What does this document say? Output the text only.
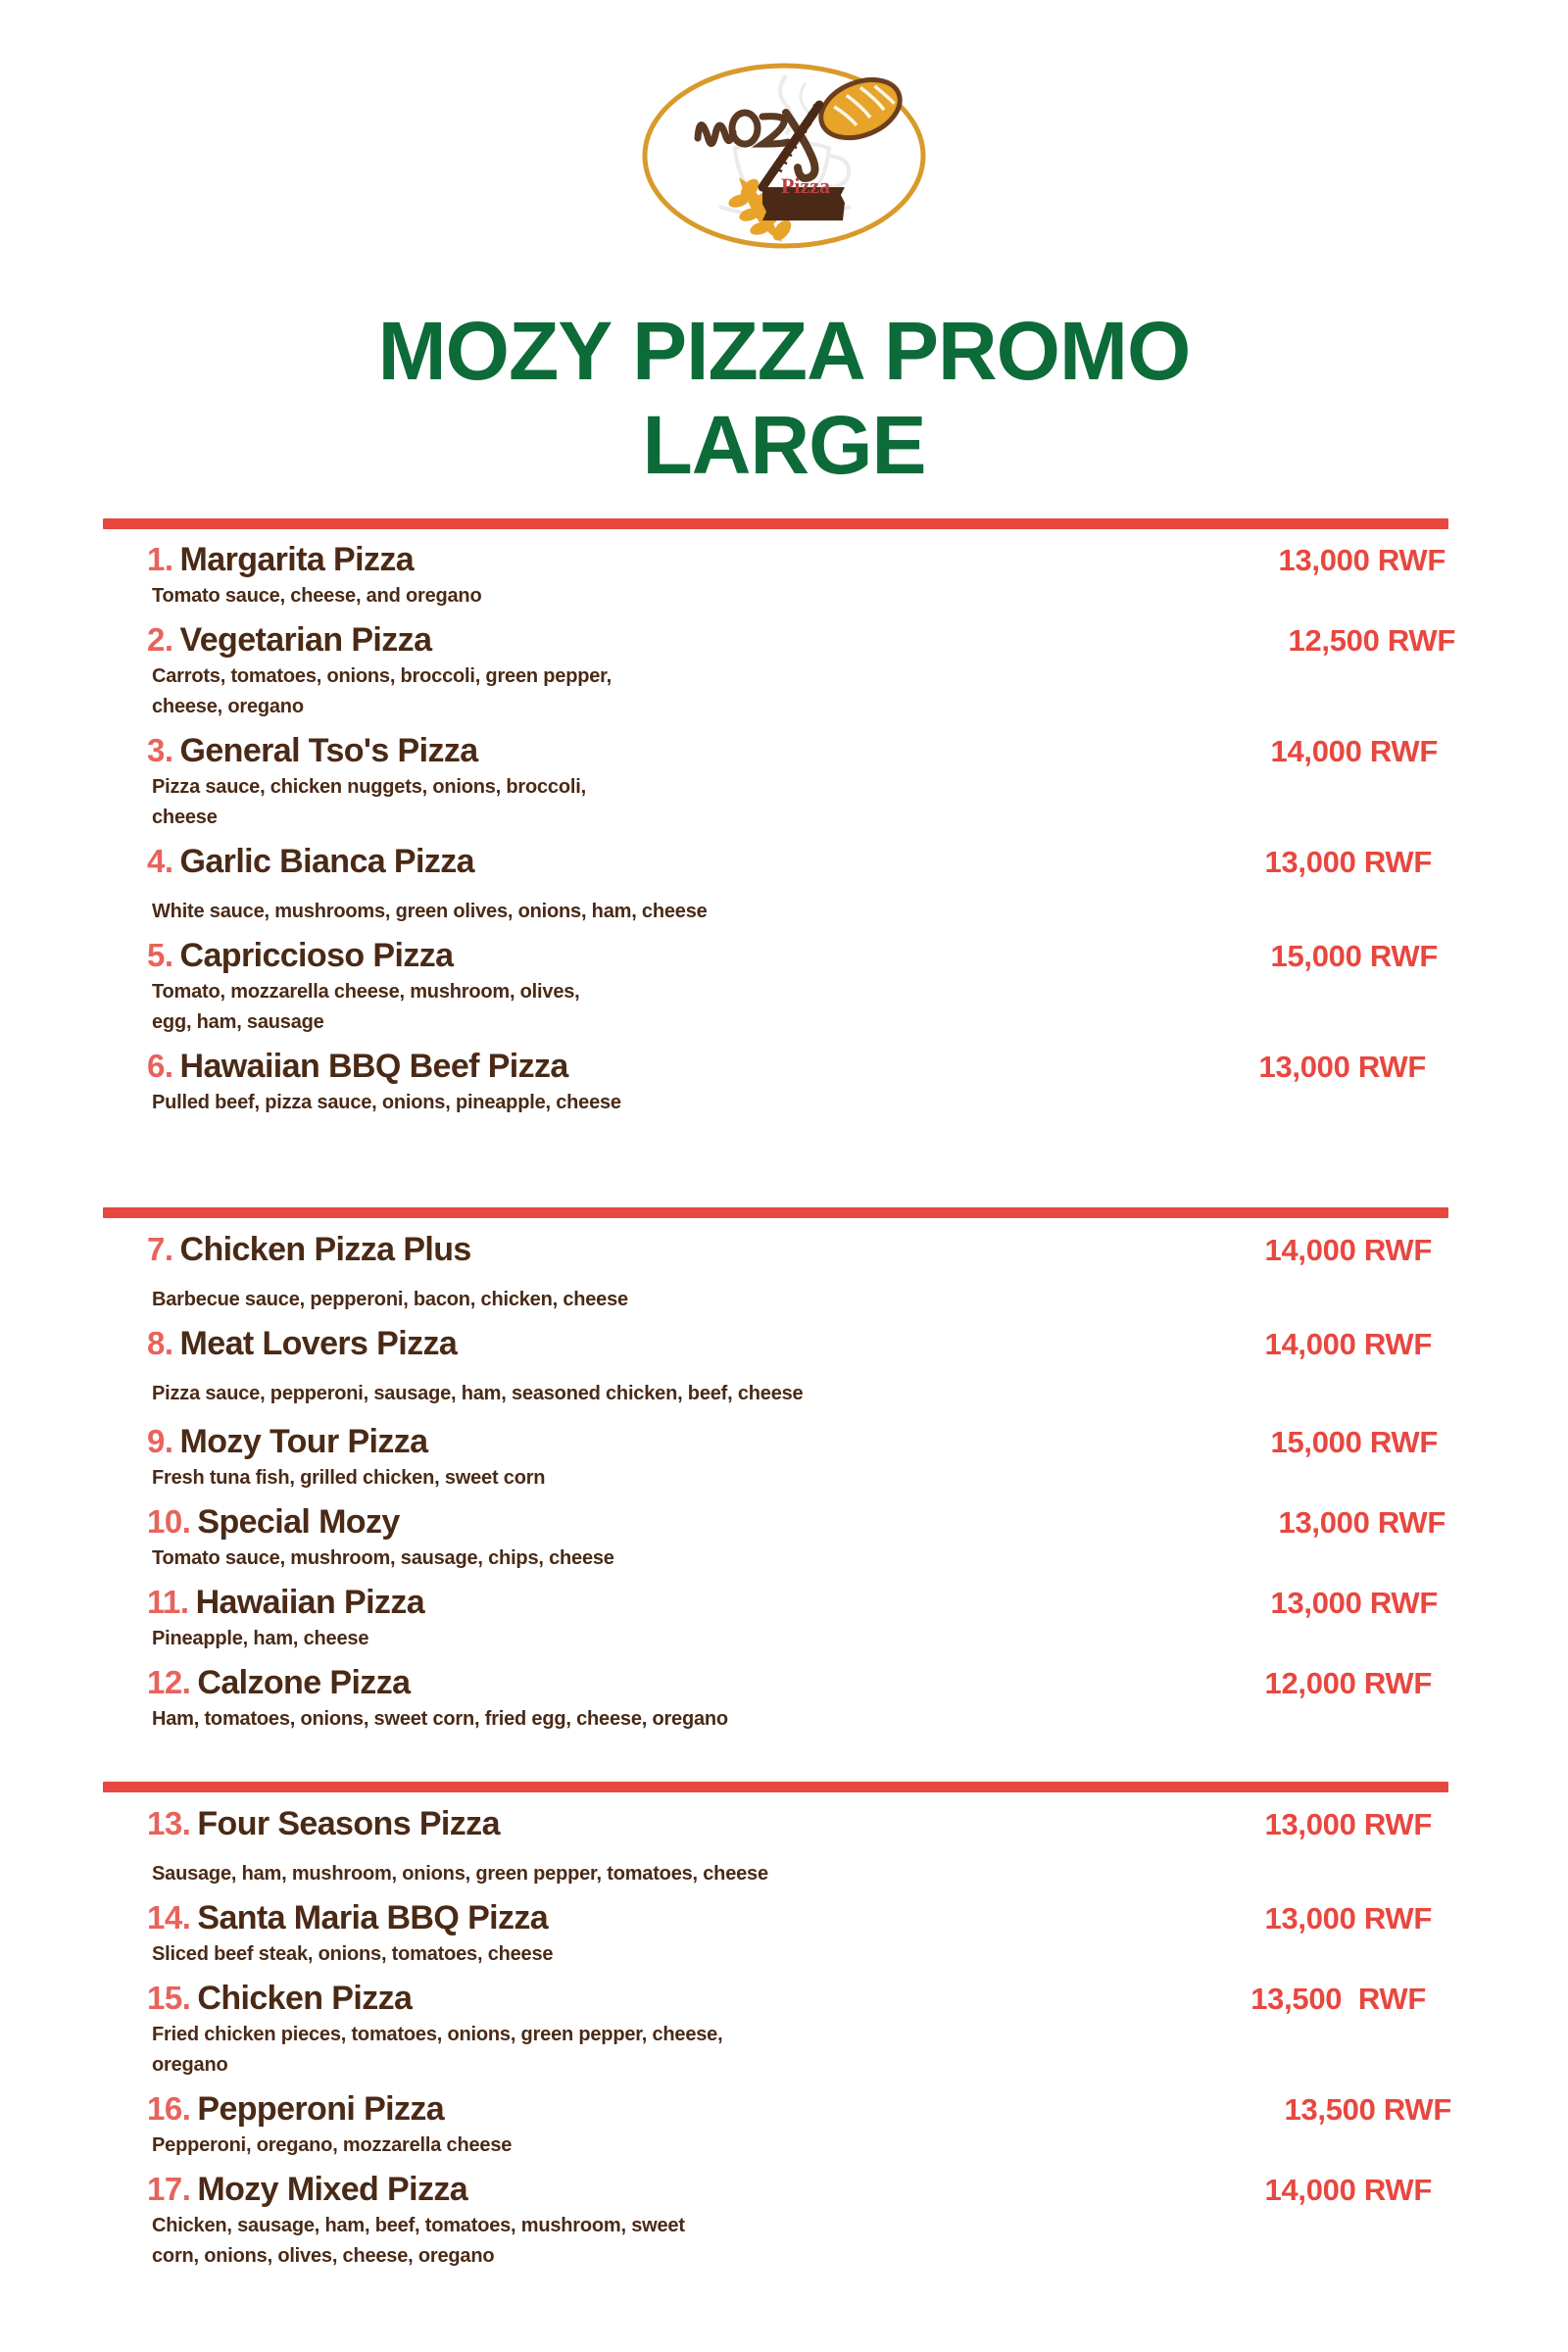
Pizza
MOZY PIZZA PROMO
LARGE
1. Margarita Pizza	13,000 RWF
Tomato sauce, cheese, and oregano
2. Vegetarian Pizza	12,500 RWF
Carrots, tomatoes, onions, broccoli, green pepper, cheese, oregano
3. General Tso's Pizza	14,000 RWF
Pizza sauce, chicken nuggets, onions, broccoli, cheese
4. Garlic Bianca Pizza	13,000 RWF
White sauce, mushrooms, green olives, onions, ham, cheese
5. Capriccioso Pizza	15,000 RWF
Tomato, mozzarella cheese, mushroom, olives, egg, ham, sausage
6. Hawaiian BBQ Beef Pizza	13,000 RWF
Pulled beef, pizza sauce, onions, pineapple, cheese
7. Chicken Pizza Plus	14,000 RWF
Barbecue sauce, pepperoni, bacon, chicken, cheese
8. Meat Lovers Pizza	14,000 RWF
Pizza sauce, pepperoni, sausage, ham, seasoned chicken, beef, cheese
9. Mozy Tour Pizza	15,000 RWF
Fresh tuna fish, grilled chicken, sweet corn
10. Special Mozy	13,000 RWF
Tomato sauce, mushroom, sausage, chips, cheese
11. Hawaiian Pizza	13,000 RWF
Pineapple, ham, cheese
12. Calzone Pizza	12,000 RWF
Ham, tomatoes, onions, sweet corn, fried egg, cheese, oregano
13. Four Seasons Pizza	13,000 RWF
Sausage, ham, mushroom, onions, green pepper, tomatoes, cheese
14. Santa Maria BBQ Pizza	13,000 RWF
Sliced beef steak, onions, tomatoes, cheese
15. Chicken Pizza	13,500  RWF
Fried chicken pieces, tomatoes, onions, green pepper, cheese, oregano
16. Pepperoni Pizza	13,500 RWF
Pepperoni, oregano, mozzarella cheese
17. Mozy Mixed Pizza	14,000 RWF
Chicken, sausage, ham, beef, tomatoes, mushroom, sweet corn, onions, olives, cheese, oregano
